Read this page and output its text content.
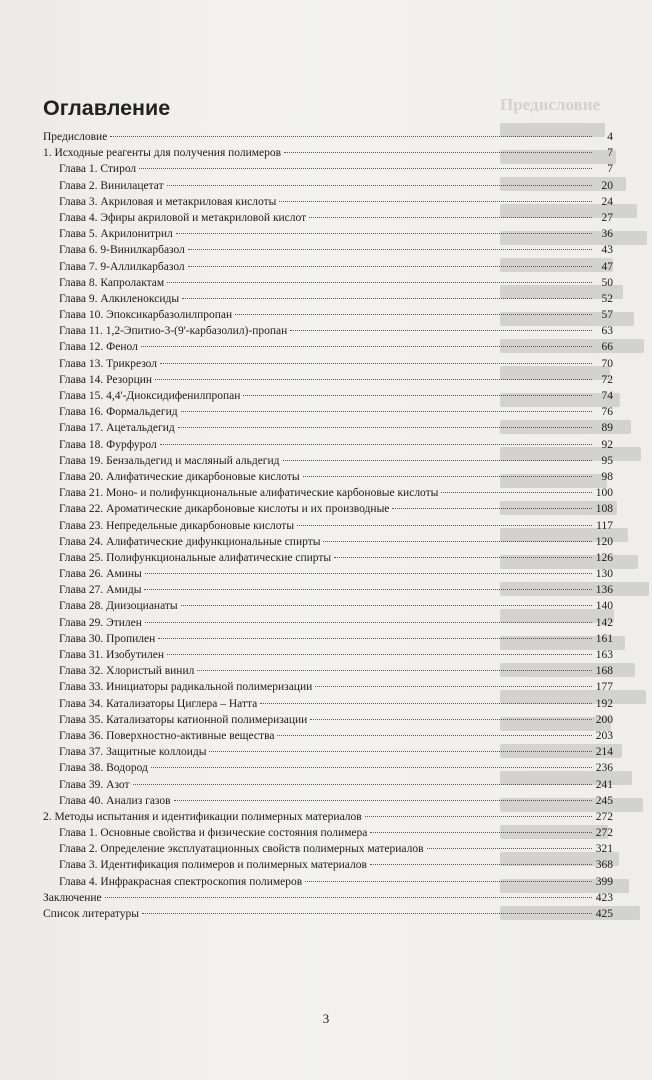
Предисловие
Оглавление
Предисловие	4
1. Исходные реагенты для получения полимеров	7
Глава 1. Стирол	7
Глава 2. Винилацетат	20
Глава 3. Акриловая и метакриловая кислоты	24
Глава 4. Эфиры акриловой и метакриловой кислот	27
Глава 5. Акрилонитрил	36
Глава 6. 9-Винилкарбазол	43
Глава 7. 9-Аллилкарбазол	47
Глава 8. Капролактам	50
Глава 9. Алкиленоксиды	52
Глава 10. Эпоксикарбазолилпропан	57
Глава 11. 1,2-Эпитио-3-(9'-карбазолил)-пропан	63
Глава 12. Фенол	66
Глава 13. Трикрезол	70
Глава 14. Резорцин	72
Глава 15. 4,4'-Диоксидифенилпропан	74
Глава 16. Формальдегид	76
Глава 17. Ацетальдегид	89
Глава 18. Фурфурол	92
Глава 19. Бензальдегид и масляный альдегид	95
Глава 20. Алифатические дикарбоновые кислоты	98
Глава 21. Моно- и полифункциональные алифатические карбоновые кислоты	100
Глава 22. Ароматические дикарбоновые кислоты и их производные	108
Глава 23. Непредельные дикарбоновые кислоты	117
Глава 24. Алифатические дифункциональные спирты	120
Глава 25. Полифункциональные алифатические спирты	126
Глава 26. Амины	130
Глава 27. Амиды	136
Глава 28. Диизоцианаты	140
Глава 29. Этилен	142
Глава 30. Пропилен	161
Глава 31. Изобутилен	163
Глава 32. Хлористый винил	168
Глава 33. Инициаторы радикальной полимеризации	177
Глава 34. Катализаторы Циглера – Натта	192
Глава 35. Катализаторы катионной полимеризации	200
Глава 36. Поверхностно-активные вещества	203
Глава 37. Защитные коллоиды	214
Глава 38. Водород	236
Глава 39. Азот	241
Глава 40. Анализ газов	245
2. Методы испытания и идентификации полимерных материалов	272
Глава 1. Основные свойства и физические состояния полимера	272
Глава 2. Определение эксплуатационных свойств полимерных материалов	321
Глава 3. Идентификация полимеров и полимерных материалов	368
Глава 4. Инфракрасная спектроскопия полимеров	399
Заключение	423
Список литературы	425
3
